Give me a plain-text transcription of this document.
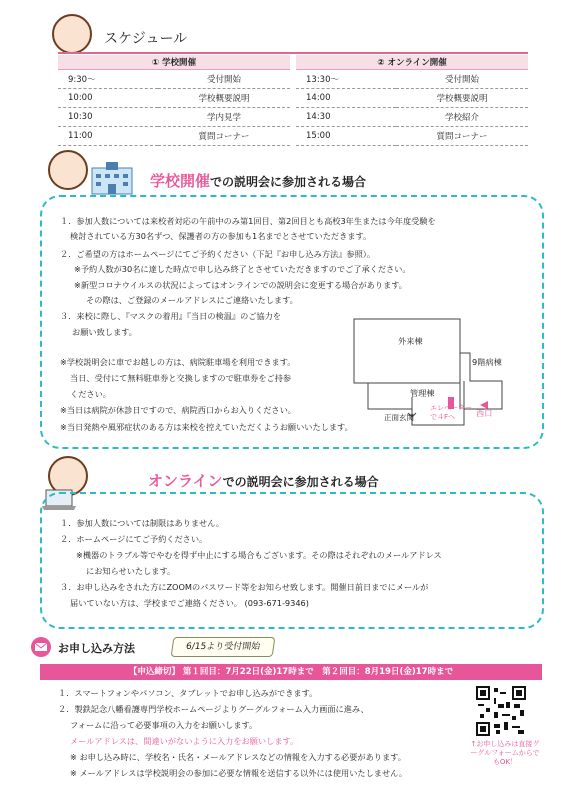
スケジュール
① 学校開催	
9:30～	受付開始
10:00	学校概要説明
10:30	学内見学
11:00	質問コーナー
② オンライン開催	
13:30～	受付開始
14:00	学校概要説明
14:30	学校紹介
15:00	質問コーナー
学校開催での説明会に参加される場合
１．参加人数については来校者対応の午前中のみ第1回目、第2回目とも高校3年生または今年度受験を
検討されている方30名ずつ、保護者の方の参加も1名までとさせていただきます。
２．ご希望の方はホームページにてご予約ください（下記『お申し込み方法』参照）。
※予約人数が30名に達した時点で申し込み終了とさせていただきますのでご了承ください。
※新型コロナウイルスの状況によってはオンラインでの説明会に変更する場合があります。
その際は、ご登録のメールアドレスにご連絡いたします。
３．来校に際し、『マスクの着用』『当日の検温』のご協力を
お願い致します。
※学校説明会に車でお越しの方は、病院駐車場を利用できます。
当日、受付にて無料駐車券と交換しますので駐車券をご持参
ください。
※当日は病院が休診日ですので、病院西口からお入りください。
※当日発熱や風邪症状のある方は来校を控えていただくようお願いいたします。
外来棟
9階病棟
管理棟
正面玄関
エレベーター
で４Fへ	西口
オンラインでの説明会に参加される場合
１．参加人数については制限はありません。
２．ホームページにてご予約ください。
※機器のトラブル等でやむを得ず中止にする場合もございます。その際はそれぞれのメールアドレス
にお知らせいたします。
３．お申し込みをされた方にZOOMのパスワード等をお知らせ致します。開催日前日までにメールが
届いていない方は、学校までご連絡ください。 (093-671-9346)
お申し込み方法	6/15より受付開始
【申込締切】 第１回目：7月22日(金)17時まで　第２回目：8月19日(金)17時まで
１．スマートフォンやパソコン、タブレットでお申し込みができます。
２．製鉄記念八幡看護専門学校ホームページよりグーグルフォーム入力画面に進み、
フォームに沿って必要事項の入力をお願いします。
メールアドレスは、間違いがないように入力をお願いします。
※ お申し込み時に、学校名・氏名・メールアドレスなどの情報を入力する必要があります。
※ メールアドレスは学校説明会の参加に必要な情報を送信する以外には使用いたしません。
↑お申し込みは直接グーグルフォームからでもOK！
